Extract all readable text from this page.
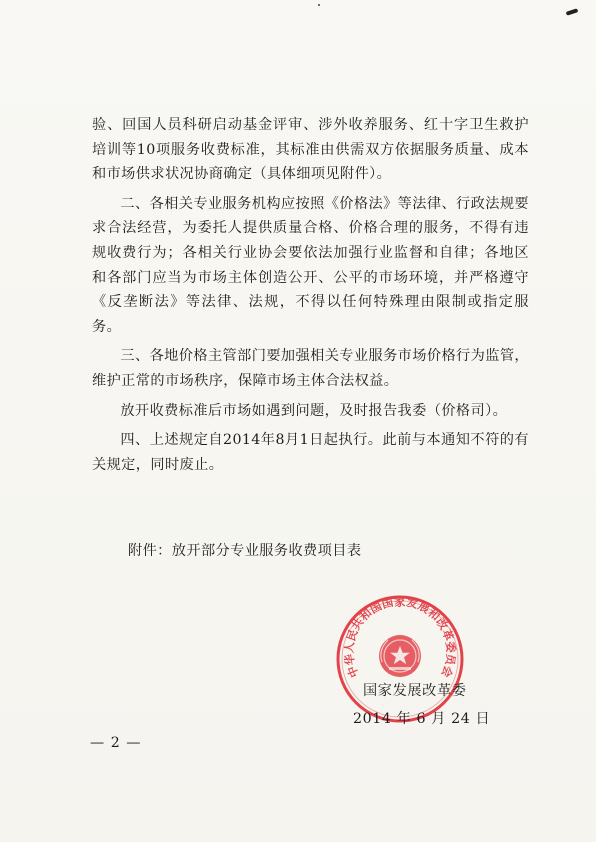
验、回国人员科研启动基金评审、涉外收养服务、红十字卫生救护培训等10项服务收费标准，其标准由供需双方依据服务质量、成本和市场供求状况协商确定（具体细项见附件）。

二、各相关专业服务机构应按照《价格法》等法律、行政法规要求合法经营，为委托人提供质量合格、价格合理的服务，不得有违规收费行为；各相关行业协会要依法加强行业监督和自律；各地区和各部门应当为市场主体创造公开、公平的市场环境，并严格遵守《反垄断法》等法律、法规，不得以任何特殊理由限制或指定服务。

三、各地价格主管部门要加强相关专业服务市场价格行为监管，维护正常的市场秩序，保障市场主体合法权益。

放开收费标准后市场如遇到问题，及时报告我委（价格司）。

四、上述规定自2014年8月1日起执行。此前与本通知不符的有关规定，同时废止。

附件：放开部分专业服务收费项目表

中华人民共和国国家发展和改革委员会

国家发展改革委

2014 年 6 月 24 日

— 2 —
